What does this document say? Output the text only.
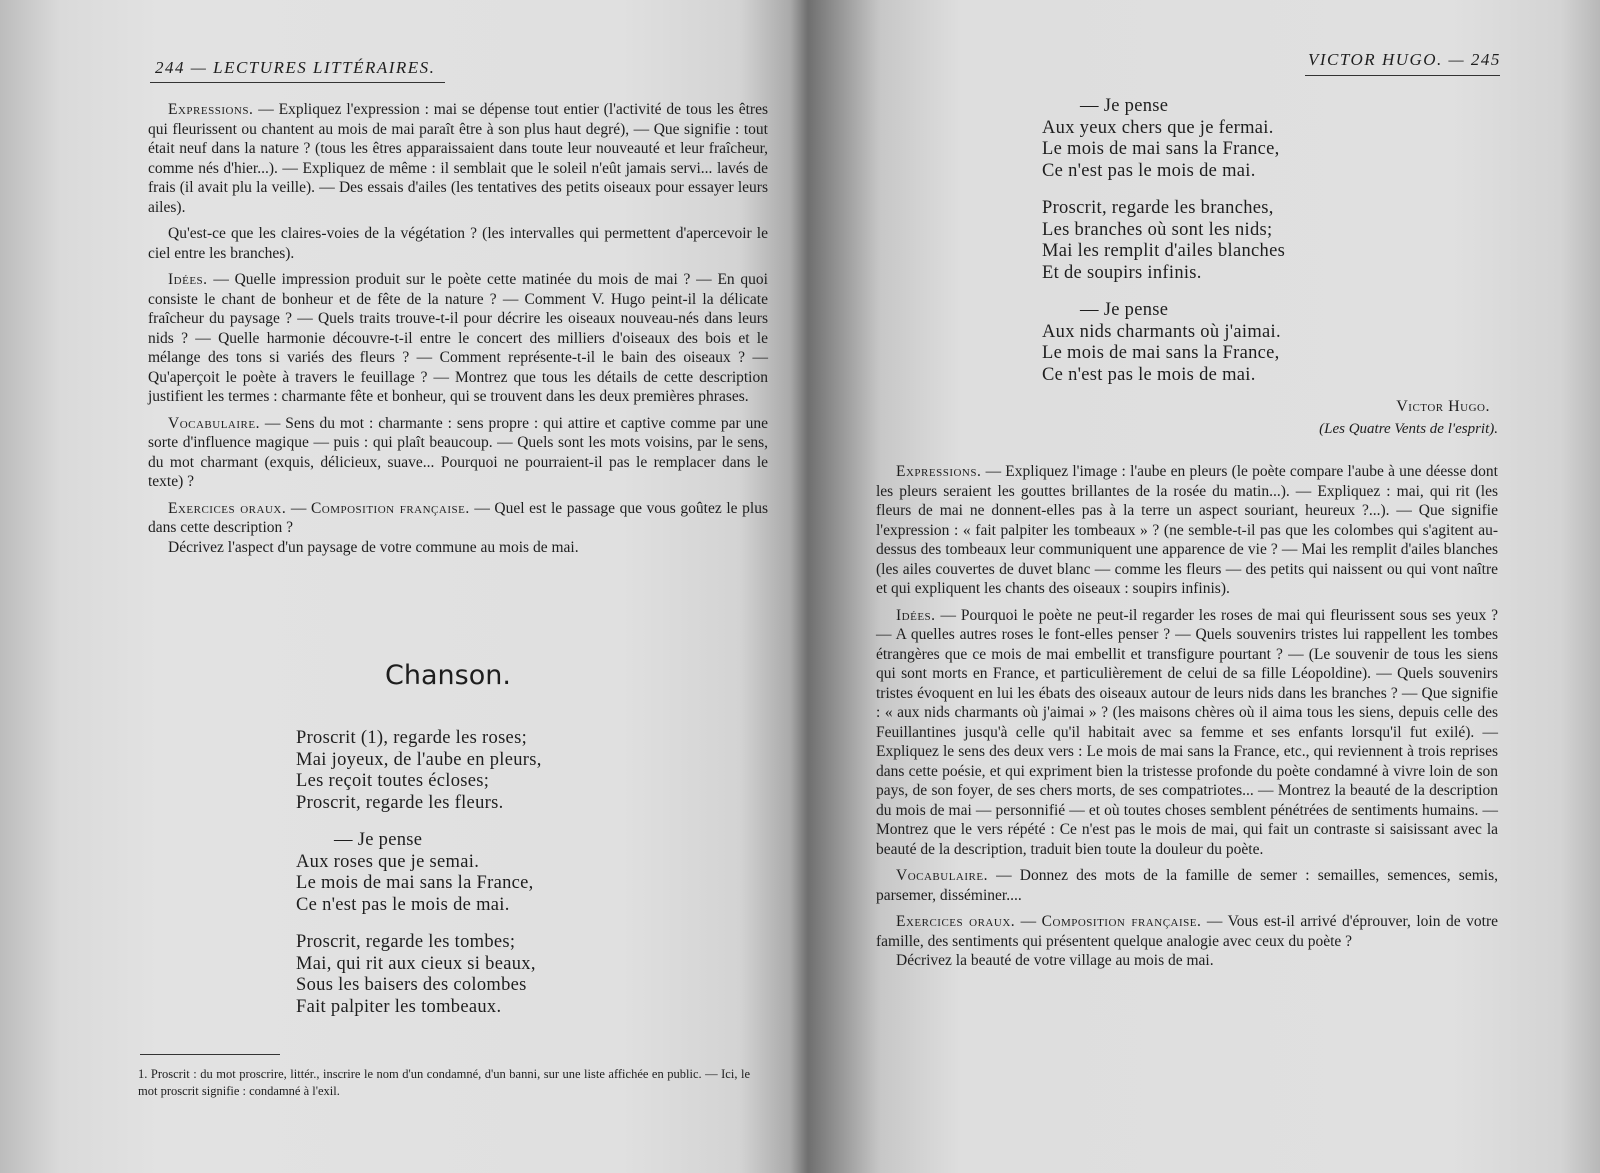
244 — LECTURES LITTÉRAIRES.

Expressions. — Expliquez l'expression : mai se dépense tout entier (l'activité de tous les êtres qui fleurissent ou chantent au mois de mai paraît être à son plus haut degré), — Que signifie : tout était neuf dans la nature ? (tous les êtres apparaissaient dans toute leur nouveauté et leur fraîcheur, comme nés d'hier...). — Expliquez de même : il semblait que le soleil n'eût jamais servi... lavés de frais (il avait plu la veille). — Des essais d'ailes (les tentatives des petits oiseaux pour essayer leurs ailes).

Qu'est-ce que les claires-voies de la végétation ? (les intervalles qui permettent d'apercevoir le ciel entre les branches).

Idées. — Quelle impression produit sur le poète cette matinée du mois de mai ? — En quoi consiste le chant de bonheur et de fête de la nature ? — Comment V. Hugo peint-il la délicate fraîcheur du paysage ? — Quels traits trouve-t-il pour décrire les oiseaux nouveau-nés dans leurs nids ? — Quelle harmonie découvre-t-il entre le concert des milliers d'oiseaux des bois et le mélange des tons si variés des fleurs ? — Comment représente-t-il le bain des oiseaux ? — Qu'aperçoit le poète à travers le feuillage ? — Montrez que tous les détails de cette description justifient les termes : charmante fête et bonheur, qui se trouvent dans les deux premières phrases.

Vocabulaire. — Sens du mot : charmante : sens propre : qui attire et captive comme par une sorte d'influence magique — puis : qui plaît beaucoup. — Quels sont les mots voisins, par le sens, du mot charmant (exquis, délicieux, suave... Pourquoi ne pourraient-il pas le remplacer dans le texte) ?

Exercices oraux. — Composition française. — Quel est le passage que vous goûtez le plus dans cette description ?

Décrivez l'aspect d'un paysage de votre commune au mois de mai.

Chanson.
Proscrit (1), regarde les roses;
Mai joyeux, de l'aube en pleurs,
Les reçoit toutes écloses;
Proscrit, regarde les fleurs.
— Je pense
Aux roses que je semai.
Le mois de mai sans la France,
Ce n'est pas le mois de mai.
Proscrit, regarde les tombes;
Mai, qui rit aux cieux si beaux,
Sous les baisers des colombes
Fait palpiter les tombeaux.
1. Proscrit : du mot proscrire, littér., inscrire le nom d'un condamné, d'un banni, sur une liste affichée en public. — Ici, le mot proscrit signifie : condamné à l'exil.
VICTOR HUGO. — 245
— Je pense
Aux yeux chers que je fermai.
Le mois de mai sans la France,
Ce n'est pas le mois de mai.
Proscrit, regarde les branches,
Les branches où sont les nids;
Mai les remplit d'ailes blanches
Et de soupirs infinis.
— Je pense
Aux nids charmants où j'aimai.
Le mois de mai sans la France,
Ce n'est pas le mois de mai.
Victor Hugo.
(Les Quatre Vents de l'esprit).

Expressions. — Expliquez l'image : l'aube en pleurs (le poète compare l'aube à une déesse dont les pleurs seraient les gouttes brillantes de la rosée du matin...). — Expliquez : mai, qui rit (les fleurs de mai ne donnent-elles pas à la terre un aspect souriant, heureux ?...). — Que signifie l'expression : « fait palpiter les tombeaux » ? (ne semble-t-il pas que les colombes qui s'agitent au-dessus des tombeaux leur communiquent une apparence de vie ? — Mai les remplit d'ailes blanches (les ailes couvertes de duvet blanc — comme les fleurs — des petits qui naissent ou qui vont naître et qui expliquent les chants des oiseaux : soupirs infinis).

Idées. — Pourquoi le poète ne peut-il regarder les roses de mai qui fleurissent sous ses yeux ? — A quelles autres roses le font-elles penser ? — Quels souvenirs tristes lui rappellent les tombes étrangères que ce mois de mai embellit et transfigure pourtant ? — (Le souvenir de tous les siens qui sont morts en France, et particulièrement de celui de sa fille Léopoldine). — Quels souvenirs tristes évoquent en lui les ébats des oiseaux autour de leurs nids dans les branches ? — Que signifie : « aux nids charmants où j'aimai » ? (les maisons chères où il aima tous les siens, depuis celle des Feuillantines jusqu'à celle qu'il habitait avec sa femme et ses enfants lorsqu'il fut exilé). — Expliquez le sens des deux vers : Le mois de mai sans la France, etc., qui reviennent à trois reprises dans cette poésie, et qui expriment bien la tristesse profonde du poète condamné à vivre loin de son pays, de son foyer, de ses chers morts, de ses compatriotes... — Montrez la beauté de la description du mois de mai — personnifié — et où toutes choses semblent pénétrées de sentiments humains. — Montrez que le vers répété : Ce n'est pas le mois de mai, qui fait un contraste si saisissant avec la beauté de la description, traduit bien toute la douleur du poète.

Vocabulaire. — Donnez des mots de la famille de semer : semailles, semences, semis, parsemer, disséminer....

Exercices oraux. — Composition française. — Vous est-il arrivé d'éprouver, loin de votre famille, des sentiments qui présentent quelque analogie avec ceux du poète ?

Décrivez la beauté de votre village au mois de mai.
